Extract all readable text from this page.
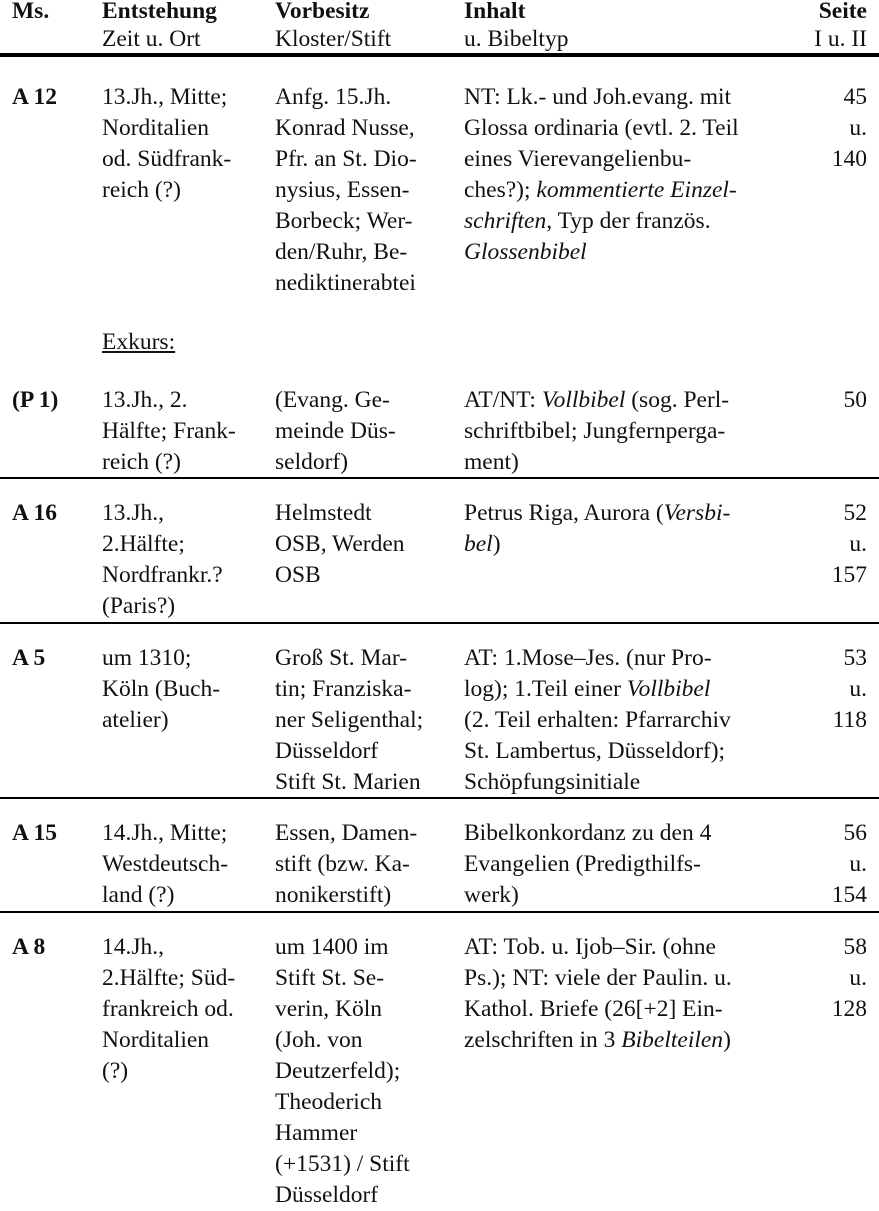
Ms. Entstehung
Zeit u. Ort
Vorbesitz
Kloster/Stift
Inhalt
u. Bibeltyp
Seite
I u. II
A 12 13.Jh., Mitte;
Norditalien
od. Südfrank-
reich (?)
Anfg. 15.Jh.
Konrad Nusse,
Pfr. an St. Dio-
nysius, Essen-
Borbeck; Wer-
den/Ruhr, Be-
nediktinerabtei
NT: Lk.- und Joh.evang. mit
Glossa ordinaria (evtl. 2. Teil
eines Vierevangelienbu-
ches?); kommentierte Einzel-
schriften, Typ der französ.
Glossenbibel
45
u.
140
Exkurs:
(P 1) 13.Jh., 2.
Hälfte; Frank-
reich (?)
(Evang. Ge-
meinde Düs-
seldorf)
AT/NT: Vollbibel (sog. Perl-
schriftbibel; Jungfernperga-
ment)
50
A 16 13.Jh.,
2.Hälfte;
Nordfrankr.?
(Paris?)
Helmstedt
OSB, Werden
OSB
Petrus Riga, Aurora (Versbi-
bel)
52
u.
157
A 5 um 1310;
Köln (Buch-
atelier)
Groß St. Mar-
tin; Franziska-
ner Seligenthal;
Düsseldorf
Stift St. Marien
AT: 1.Mose–Jes. (nur Pro-
log); 1.Teil einer Vollbibel
(2. Teil erhalten: Pfarrarchiv
St. Lambertus, Düsseldorf);
Schöpfungsinitiale
53
u.
118
A 15 14.Jh., Mitte;
Westdeutsch-
land (?)
Essen, Damen-
stift (bzw. Ka-
nonikerstift)
Bibelkonkordanz zu den 4
Evangelien (Predigthilfs-
werk)
56
u.
154
A 8 14.Jh.,
2.Hälfte; Süd-
frankreich od.
Norditalien
(?)
um 1400 im
Stift St. Se-
verin, Köln
(Joh. von
Deutzerfeld);
Theoderich
Hammer
(+1531) / Stift
Düsseldorf
AT: Tob. u. Ijob–Sir. (ohne
Ps.); NT: viele der Paulin. u.
Kathol. Briefe (26[+2] Ein-
zelschriften in 3 Bibelteilen)
58
u.
128
